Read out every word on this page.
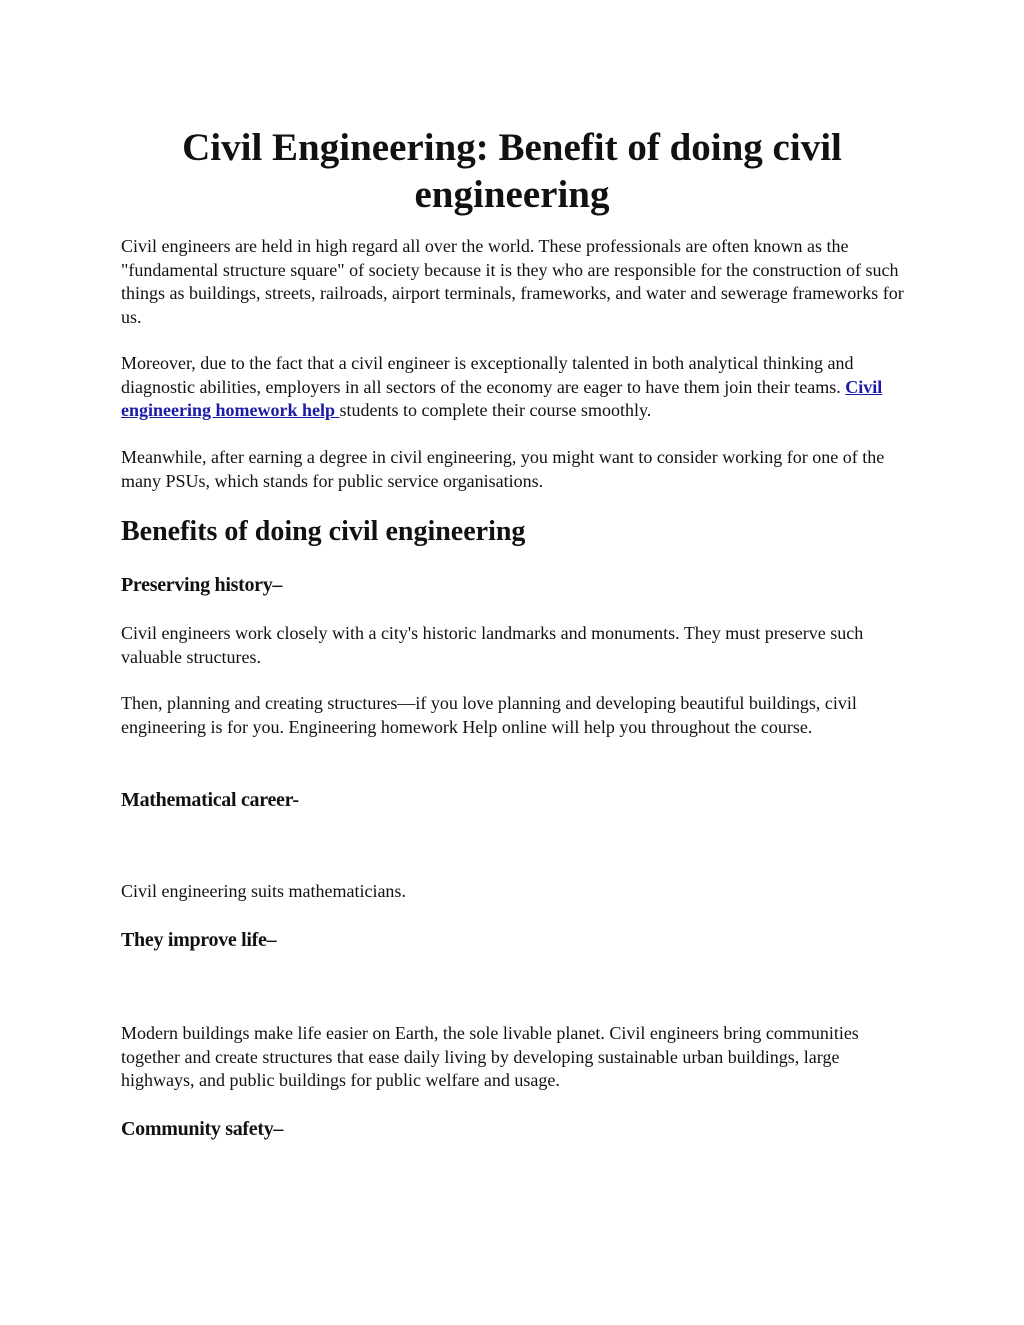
Civil Engineering: Benefit of doing civil engineering

Civil engineers are held in high regard all over the world. These professionals are often known as the "fundamental structure square" of society because it is they who are responsible for the construction of such things as buildings, streets, railroads, airport terminals, frameworks, and water and sewerage frameworks for us.

Moreover, due to the fact that a civil engineer is exceptionally talented in both analytical thinking and diagnostic abilities, employers in all sectors of the economy are eager to have them join their teams. Civil engineering homework help students to complete their course smoothly.

Meanwhile, after earning a degree in civil engineering, you might want to consider working for one of the many PSUs, which stands for public service organisations.

Benefits of doing civil engineering
Preserving history–

Civil engineers work closely with a city's historic landmarks and monuments. They must preserve such valuable structures.

Then, planning and creating structures—if you love planning and developing beautiful buildings, civil engineering is for you. Engineering homework Help online will help you throughout the course.

Mathematical career-

Civil engineering suits mathematicians.

They improve life–

Modern buildings make life easier on Earth, the sole livable planet. Civil engineers bring communities together and create structures that ease daily living by developing sustainable urban buildings, large highways, and public buildings for public welfare and usage.

Community safety–
